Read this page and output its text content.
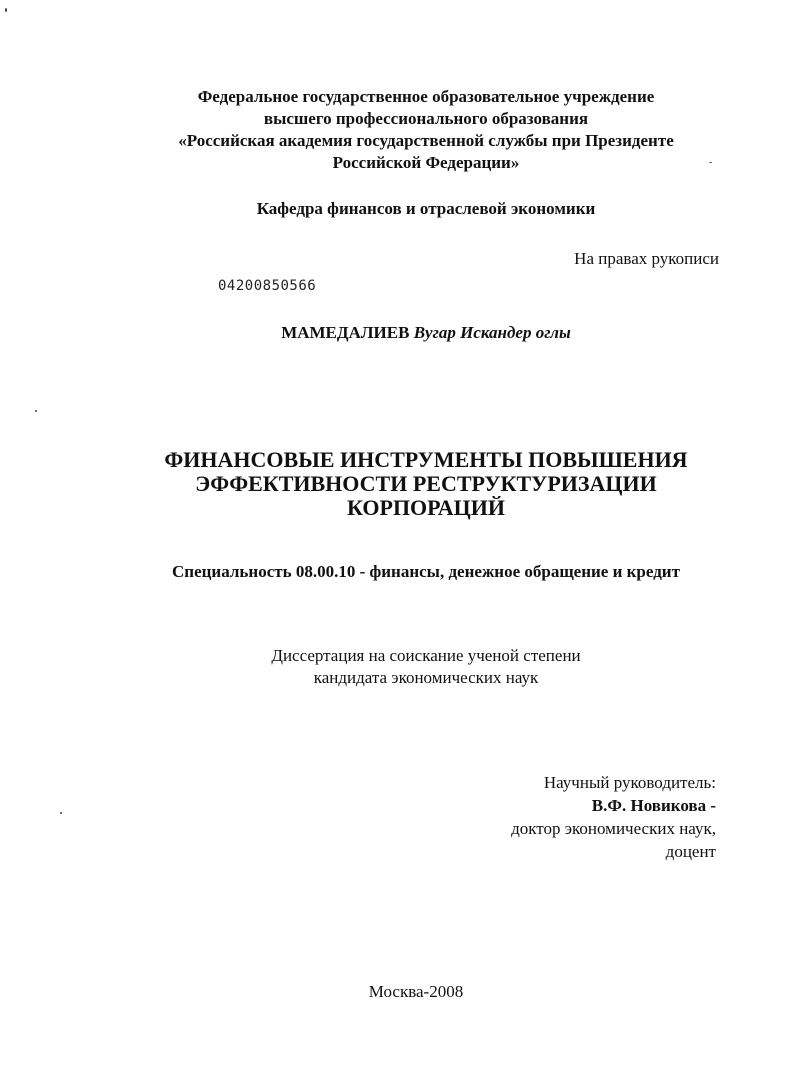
Федеральное государственное образовательное учреждение
высшего профессионального образования
«Российская академия государственной службы при Президенте
Российской Федерации»
Кафедра финансов и отраслевой экономики
На правах рукописи
04200850566
МАМЕДАЛИЕВ Вугар Искандер оглы
ФИНАНСОВЫЕ ИНСТРУМЕНТЫ ПОВЫШЕНИЯ
ЭФФЕКТИВНОСТИ РЕСТРУКТУРИЗАЦИИ
КОРПОРАЦИЙ
Специальность 08.00.10 - финансы, денежное обращение и кредит
Диссертация на соискание ученой степени
кандидата экономических наук
Научный руководитель:
В.Ф. Новикова -
доктор экономических наук,
доцент
Москва-2008
